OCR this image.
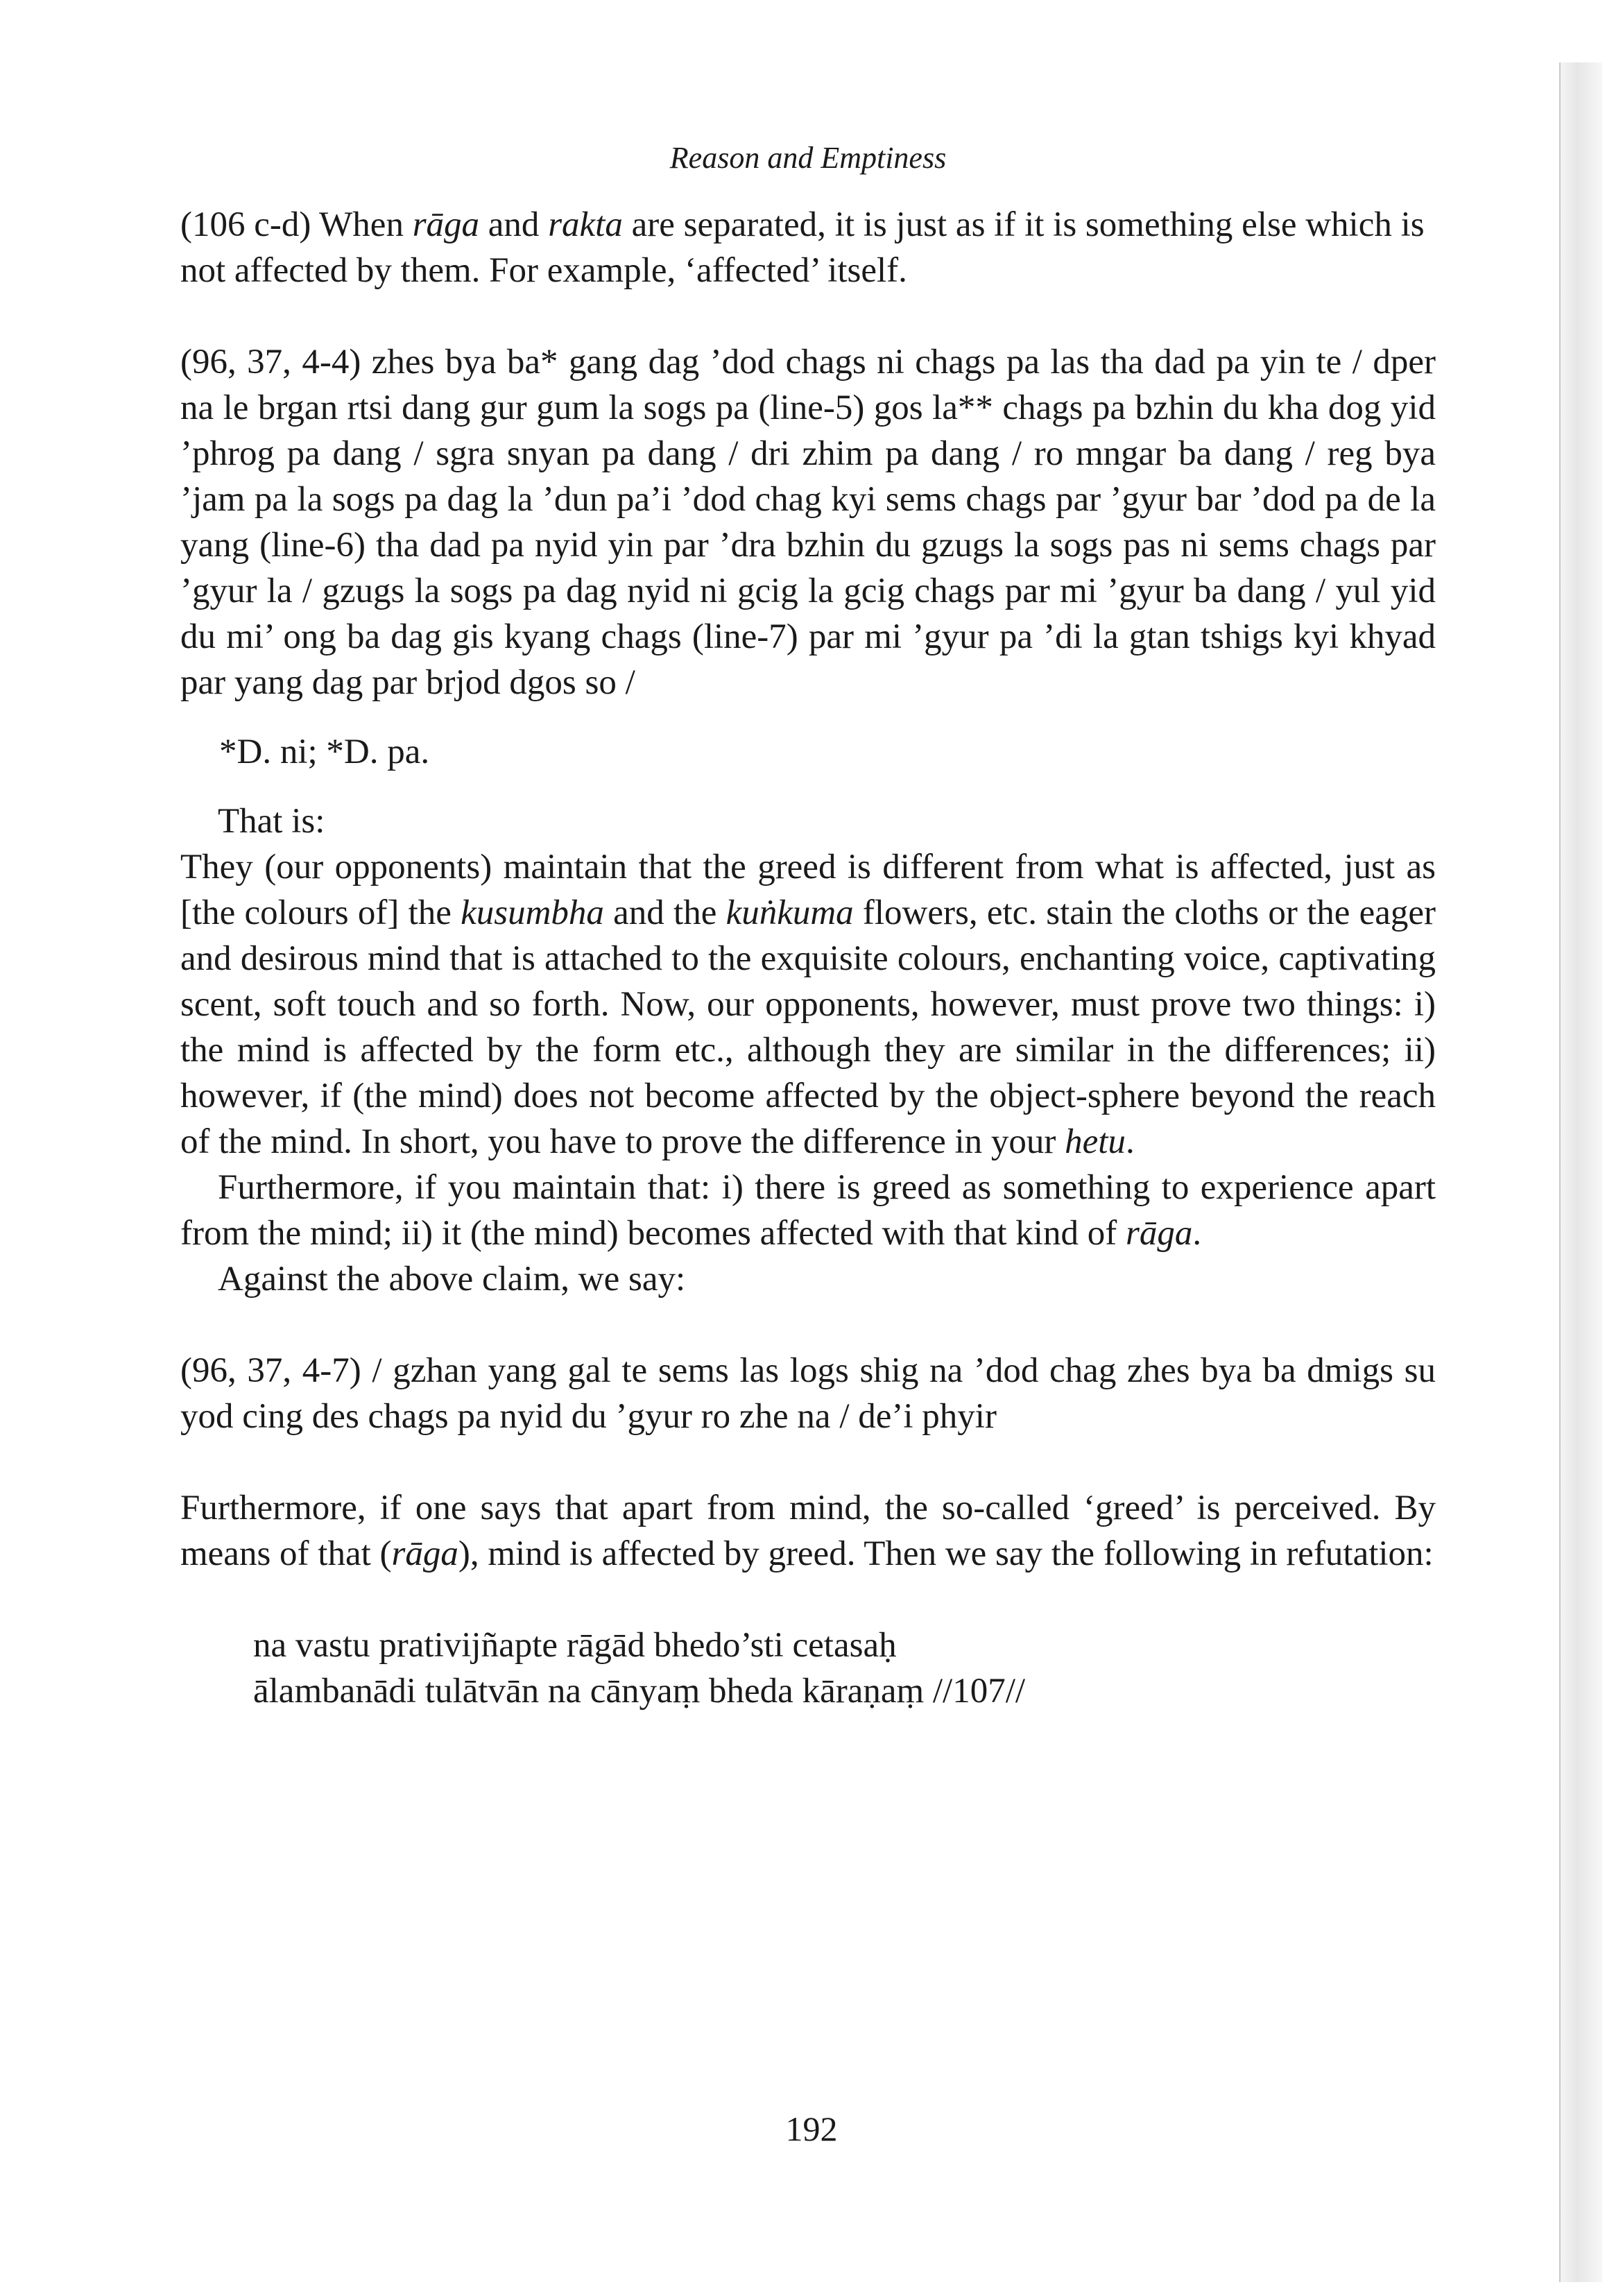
Reason and Emptiness

(106 c-d) When rāga and rakta are separated, it is just as if it is something else which is not affected by them. For example, ‘affected’ itself.

(96, 37, 4-4) zhes bya ba* gang dag ’dod chags ni chags pa las tha dad pa yin te / dper na le brgan rtsi dang gur gum la sogs pa (line-5) gos la** chags pa bzhin du kha dog yid ’phrog pa dang / sgra snyan pa dang / dri zhim pa dang / ro mngar ba dang / reg bya ’jam pa la sogs pa dag la ’dun pa’i ’dod chag kyi sems chags par ’gyur bar ’dod pa de la yang (line-6) tha dad pa nyid yin par ’dra bzhin du gzugs la sogs pas ni sems chags par ’gyur la / gzugs la sogs pa dag nyid ni gcig la gcig chags par mi ’gyur ba dang / yul yid du mi’ ong ba dag gis kyang chags (line-7) par mi ’gyur pa ’di la gtan tshigs kyi khyad par yang dag par brjod dgos so /

*D. ni; *D. pa.

That is:

They (our opponents) maintain that the greed is different from what is affected, just as [the colours of] the kusumbha and the kuṅkuma flowers, etc. stain the cloths or the eager and desirous mind that is attached to the exquisite colours, enchanting voice, captivating scent, soft touch and so forth. Now, our opponents, however, must prove two things: i) the mind is affected by the form etc., although they are similar in the differences; ii) however, if (the mind) does not become affected by the object-sphere beyond the reach of the mind. In short, you have to prove the difference in your hetu.

Furthermore, if you maintain that: i) there is greed as something to experience apart from the mind; ii) it (the mind) becomes affected with that kind of rāga.

Against the above claim, we say:

(96, 37, 4-7) / gzhan yang gal te sems las logs shig na ’dod chag zhes bya ba dmigs su yod cing des chags pa nyid du ’gyur ro zhe na / de’i phyir

Furthermore, if one says that apart from mind, the so-called ‘greed’ is perceived. By means of that (rāga), mind is affected by greed. Then we say the following in refutation:

na vastu prativijñapte rāgād bhedo’sti cetasaḥ

ālambanādi tulātvān na cānyaṃ bheda kāraṇaṃ //107//

192
